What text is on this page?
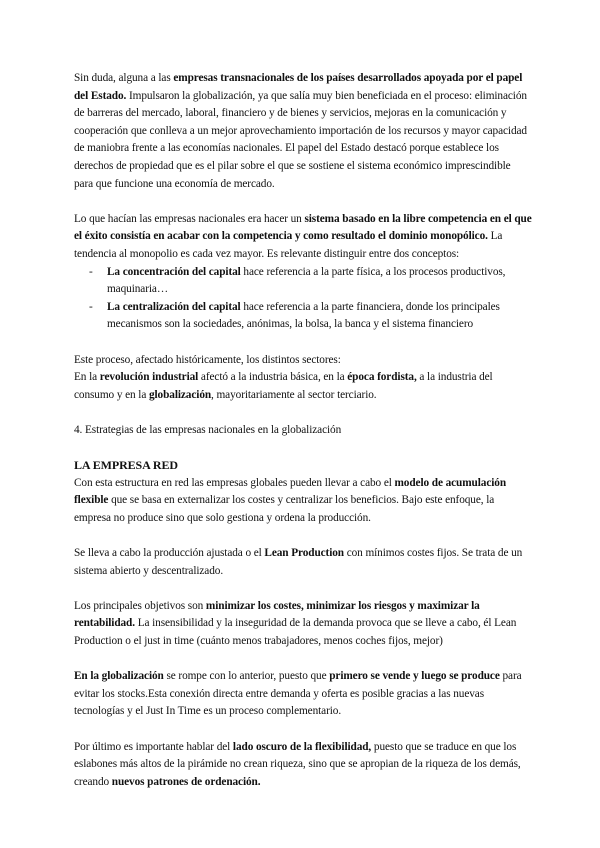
Sin duda, alguna a las empresas transnacionales de los países desarrollados apoyada por el papel del Estado. Impulsaron la globalización, ya que salía muy bien beneficiada en el proceso: eliminación de barreras del mercado, laboral, financiero y de bienes y servicios, mejoras en la comunicación y cooperación que conlleva a un mejor aprovechamiento importación de los recursos y mayor capacidad de maniobra frente a las economías nacionales. El papel del Estado destacó porque establece los derechos de propiedad que es el pilar sobre el que se sostiene el sistema económico imprescindible para que funcione una economía de mercado.

Lo que hacían las empresas nacionales era hacer un sistema basado en la libre competencia en el que el éxito consistía en acabar con la competencia y como resultado el dominio monopólico. La tendencia al monopolio es cada vez mayor. Es relevante distinguir entre dos conceptos:

- La concentración del capital hace referencia a la parte física, a los procesos productivos, maquinaria…
- La centralización del capital hace referencia a la parte financiera, donde los principales mecanismos son la sociedades, anónimas, la bolsa, la banca y el sistema financiero

Este proceso, afectado históricamente, los distintos sectores:

En la revolución industrial afectó a la industria básica, en la época fordista, a la industria del consumo y en la globalización, mayoritariamente al sector terciario.

4. Estrategias de las empresas nacionales en la globalización

LA EMPRESA RED

Con esta estructura en red las empresas globales pueden llevar a cabo el modelo de acumulación flexible que se basa en externalizar los costes y centralizar los beneficios. Bajo este enfoque, la empresa no produce sino que solo gestiona y ordena la producción.

Se lleva a cabo la producción ajustada o el Lean Production con mínimos costes fijos. Se trata de un sistema abierto y descentralizado.

Los principales objetivos son minimizar los costes, minimizar los riesgos y maximizar la rentabilidad. La insensibilidad y la inseguridad de la demanda provoca que se lleve a cabo, él Lean Production o el just in time (cuánto menos trabajadores, menos coches fijos, mejor)

En la globalización se rompe con lo anterior, puesto que primero se vende y luego se produce para evitar los stocks.Esta conexión directa entre demanda y oferta es posible gracias a las nuevas tecnologías y el Just In Time es un proceso complementario.

Por último es importante hablar del lado oscuro de la flexibilidad, puesto que se traduce en que los eslabones más altos de la pirámide no crean riqueza, sino que se apropian de la riqueza de los demás, creando nuevos patrones de ordenación.
